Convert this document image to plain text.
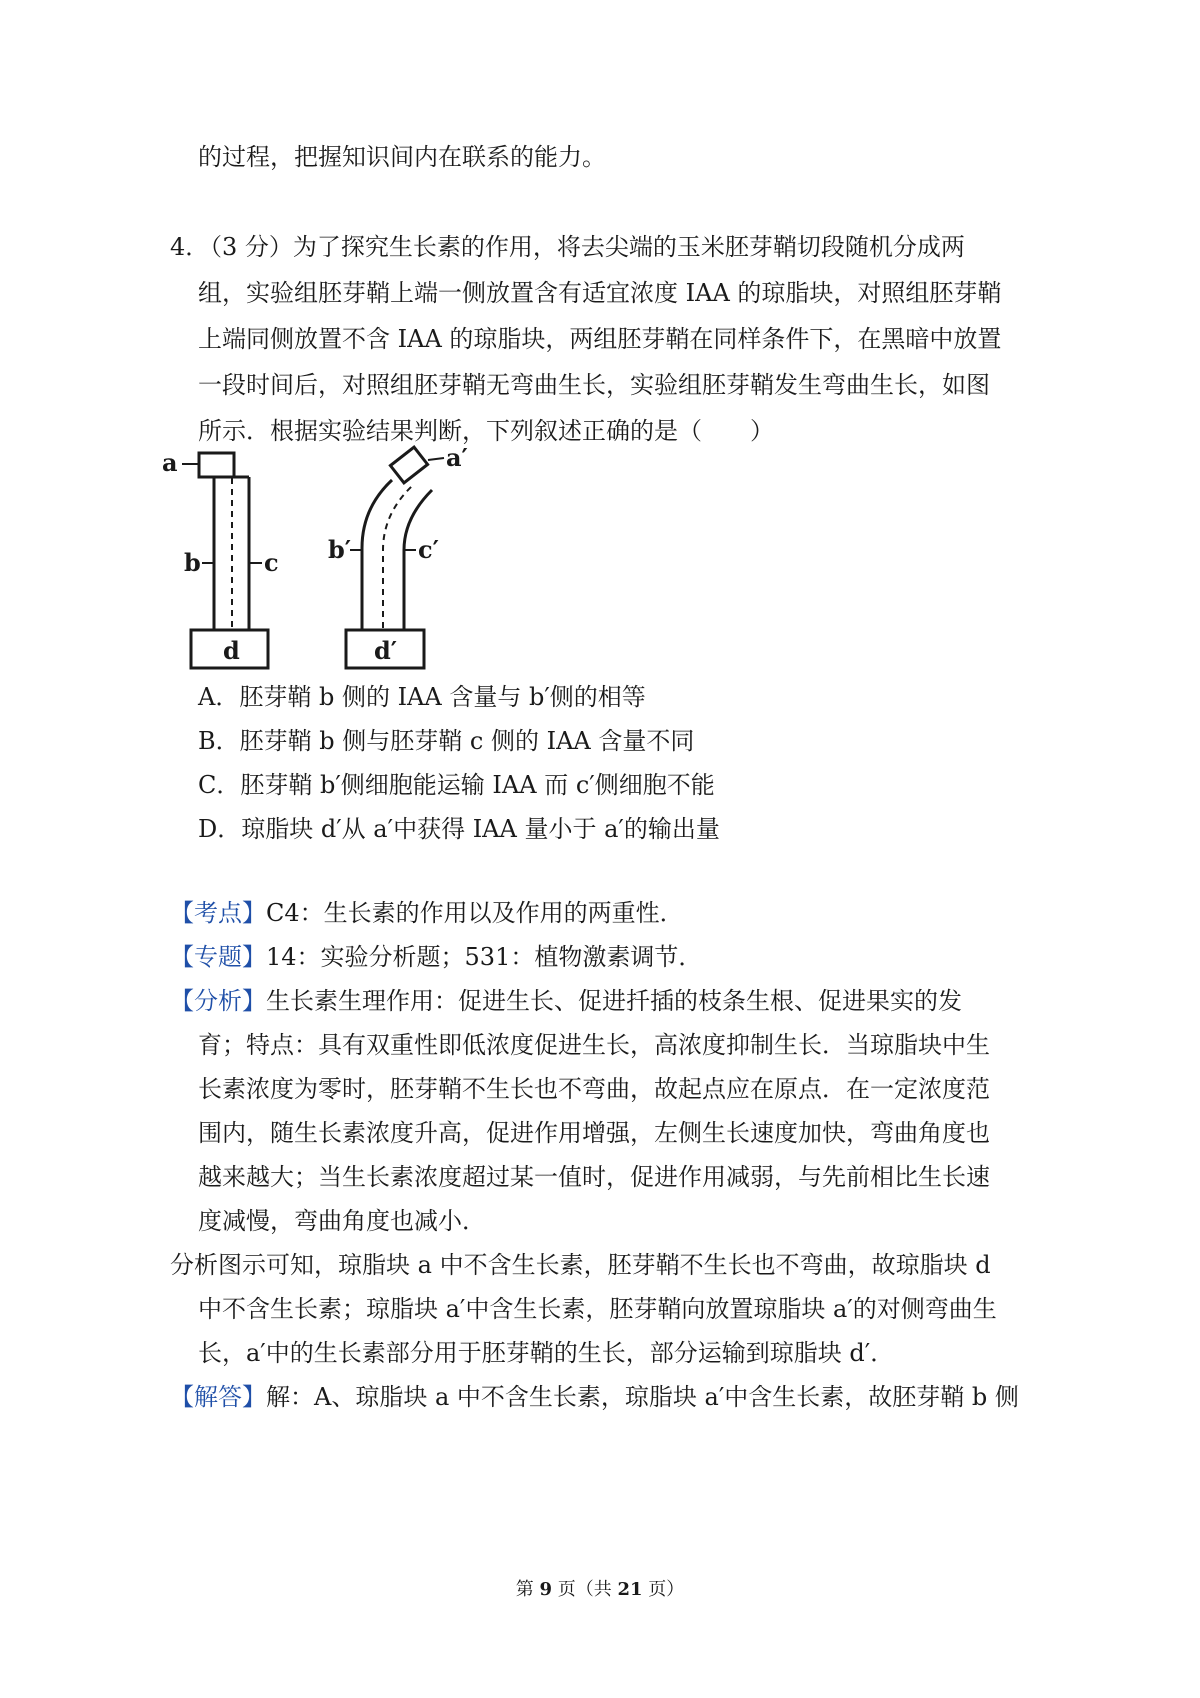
的过程，把握知识间内在联系的能力。
4．
（3 分）为了探究生长素的作用，将去尖端的玉米胚芽鞘切段随机分成两
组，实验组胚芽鞘上端一侧放置含有适宜浓度 IAA 的琼脂块，对照组胚芽鞘
上端同侧放置不含 IAA 的琼脂块，两组胚芽鞘在同样条件下，在黑暗中放置
一段时间后，对照组胚芽鞘无弯曲生长，实验组胚芽鞘发生弯曲生长，如图
所示．根据实验结果判断，下列叙述正确的是（　　）
a
b	c
d
a′
b′	c′
d′
A．胚芽鞘 b 侧的 IAA 含量与 b′侧的相等
B．胚芽鞘 b 侧与胚芽鞘 c 侧的 IAA 含量不同
C．胚芽鞘 b′侧细胞能运输 IAA 而 c′侧细胞不能
D．琼脂块 d′从 a′中获得 IAA 量小于 a′的输出量
【考点】C4：生长素的作用以及作用的两重性．
【专题】14：实验分析题；531：植物激素调节．
【分析】生长素生理作用：促进生长、促进扦插的枝条生根、促进果实的发
育；特点：具有双重性即低浓度促进生长，高浓度抑制生长．当琼脂块中生
长素浓度为零时，胚芽鞘不生长也不弯曲，故起点应在原点．在一定浓度范
围内，随生长素浓度升高，促进作用增强，左侧生长速度加快，弯曲角度也
越来越大；当生长素浓度超过某一值时，促进作用减弱，与先前相比生长速
度减慢，弯曲角度也减小．
分析图示可知，琼脂块 a 中不含生长素，胚芽鞘不生长也不弯曲，故琼脂块 d
中不含生长素；琼脂块 a′中含生长素，胚芽鞘向放置琼脂块 a′的对侧弯曲生
长，a′中的生长素部分用于胚芽鞘的生长，部分运输到琼脂块 d′．
【解答】解：A、琼脂块 a 中不含生长素，琼脂块 a′中含生长素，故胚芽鞘 b 侧
第 9 页（共 21 页）
